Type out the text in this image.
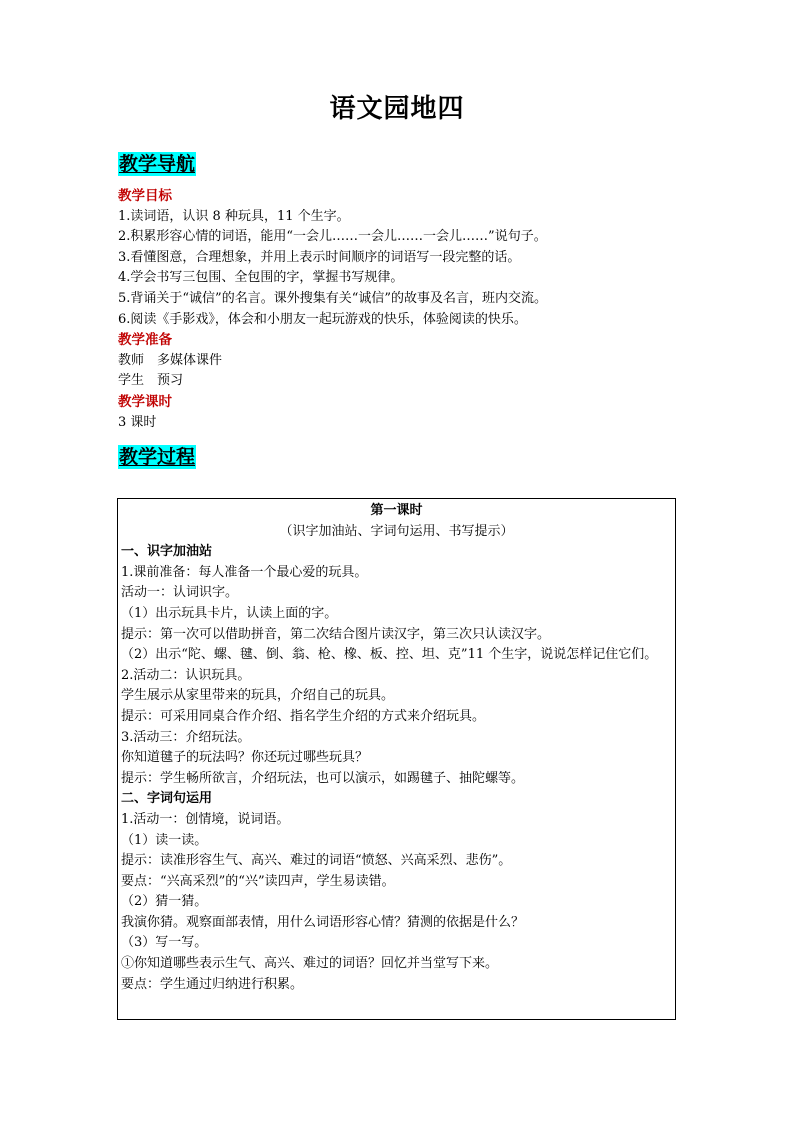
语文园地四
教学导航
教学目标
1.读词语，认识 8 种玩具，11 个生字。
2.积累形容心情的词语，能用“一会儿……一会儿……一会儿……”说句子。
3.看懂图意，合理想象，并用上表示时间顺序的词语写一段完整的话。
4.学会书写三包围、全包围的字，掌握书写规律。
5.背诵关于“诚信”的名言。课外搜集有关“诚信”的故事及名言，班内交流。
6.阅读《手影戏》，体会和小朋友一起玩游戏的快乐，体验阅读的快乐。
教学准备
教师　多媒体课件
学生　预习
教学课时
3 课时
教学过程
第一课时
（识字加油站、字词句运用、书写提示）
一、识字加油站
1.课前准备：每人准备一个最心爱的玩具。
活动一：认词识字。
（1）出示玩具卡片，认读上面的字。
提示：第一次可以借助拼音，第二次结合图片读汉字，第三次只认读汉字。
（2）出示“陀、螺、毽、倒、翁、枪、橡、板、控、坦、克”11 个生字，说说怎样记住它们。
2.活动二：认识玩具。
学生展示从家里带来的玩具，介绍自己的玩具。
提示：可采用同桌合作介绍、指名学生介绍的方式来介绍玩具。
3.活动三：介绍玩法。
你知道毽子的玩法吗？你还玩过哪些玩具？
提示：学生畅所欲言，介绍玩法，也可以演示，如踢毽子、抽陀螺等。
二、字词句运用
1.活动一：创情境，说词语。
（1）读一读。
提示：读准形容生气、高兴、难过的词语“愤怒、兴高采烈、悲伤”。
要点：“兴高采烈”的“兴”读四声，学生易读错。
（2）猜一猜。
我演你猜。观察面部表情，用什么词语形容心情？猜测的依据是什么？
（3）写一写。
①你知道哪些表示生气、高兴、难过的词语？回忆并当堂写下来。
要点：学生通过归纳进行积累。
